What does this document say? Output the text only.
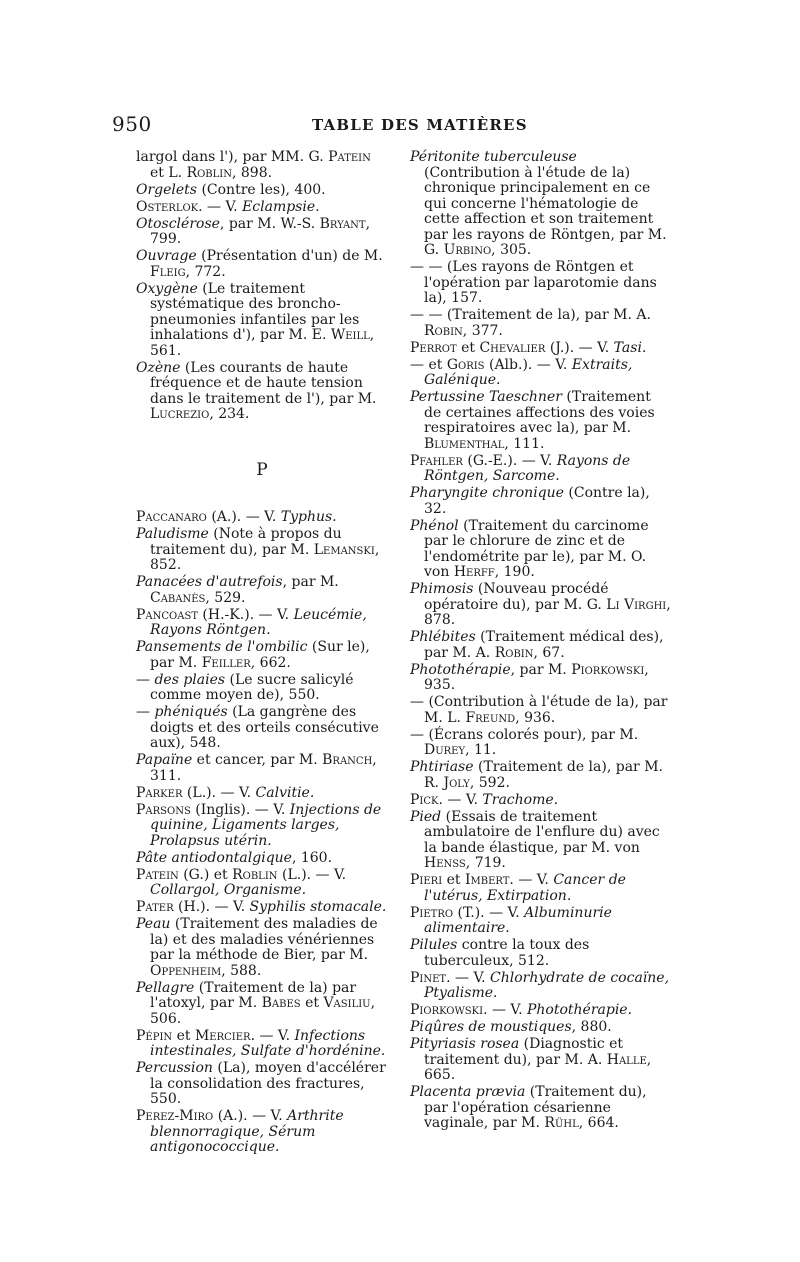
950	TABLE DES MATIÈRES

largol dans l'), par MM. G. Patein et L. Roblin, 898.

Orgelets (Contre les), 400.

Osterlok. — V. Eclampsie.

Otosclérose, par M. W.-S. Bryant, 799.

Ouvrage (Présentation d'un) de M. Fleig, 772.

Oxygène (Le traitement systématique des broncho-pneumonies infantiles par les inhalations d'), par M. E. Weill, 561.

Ozène (Les courants de haute fréquence et de haute tension dans le traitement de l'), par M. Lucrezio, 234.

P

Paccanaro (A.). — V. Typhus.

Paludisme (Note à propos du traitement du), par M. Lemanski, 852.

Panacées d'autrefois, par M. Cabanès, 529.

Pancoast (H.-K.). — V. Leucémie, Rayons Röntgen.

Pansements de l'ombilic (Sur le), par M. Feiller, 662.

— des plaies (Le sucre salicylé comme moyen de), 550.

— phéniqués (La gangrène des doigts et des orteils consécutive aux), 548.

Papaïne et cancer, par M. Branch, 311.

Parker (L.). — V. Calvitie.

Parsons (Inglis). — V. Injections de quinine, Ligaments larges, Prolapsus utérin.

Pâte antiodontalgique, 160.

Patein (G.) et Roblin (L.). — V. Collargol, Organisme.

Pater (H.). — V. Syphilis stomacale.

Peau (Traitement des maladies de la) et des maladies vénériennes par la méthode de Bier, par M. Oppenheim, 588.

Pellagre (Traitement de la) par l'atoxyl, par M. Babes et Vasiliu, 506.

Pépin et Mercier. — V. Infections intestinales, Sulfate d'hordénine.

Percussion (La), moyen d'accélérer la consolidation des fractures, 550.

Perez-Miro (A.). — V. Arthrite blennorragique, Sérum antigonococcique.

Péritonite tuberculeuse (Contribution à l'étude de la) chronique principalement en ce qui concerne l'hématologie de cette affection et son traitement par les rayons de Röntgen, par M. G. Urbino, 305.

— — (Les rayons de Röntgen et l'opération par laparotomie dans la), 157.

— — (Traitement de la), par M. A. Robin, 377.

Perrot et Chevalier (J.). — V. Tasi.

— et Goris (Alb.). — V. Extraits, Galénique.

Pertussine Taeschner (Traitement de certaines affections des voies respiratoires avec la), par M. Blumenthal, 111.

Pfahler (G.-E.). — V. Rayons de Röntgen, Sarcome.

Pharyngite chronique (Contre la), 32.

Phénol (Traitement du carcinome par le chlorure de zinc et de l'endométrite par le), par M. O. von Herff, 190.

Phimosis (Nouveau procédé opératoire du), par M. G. Li Virghi, 878.

Phlébites (Traitement médical des), par M. A. Robin, 67.

Photothérapie, par M. Piorkowski, 935.

— (Contribution à l'étude de la), par M. L. Freund, 936.

— (Écrans colorés pour), par M. Durey, 11.

Phtiriase (Traitement de la), par M. R. Joly, 592.

Pick. — V. Trachome.

Pied (Essais de traitement ambulatoire de l'enflure du) avec la bande élastique, par M. von Henss, 719.

Pieri et Imbert. — V. Cancer de l'utérus, Extirpation.

Pietro (T.). — V. Albuminurie alimentaire.

Pilules contre la toux des tuberculeux, 512.

Pinet. — V. Chlorhydrate de cocaïne, Ptyalisme.

Piorkowski. — V. Photothérapie.

Piqûres de moustiques, 880.

Pityriasis rosea (Diagnostic et traitement du), par M. A. Halle, 665.

Placenta prævia (Traitement du), par l'opération césarienne vaginale, par M. Rühl, 664.
